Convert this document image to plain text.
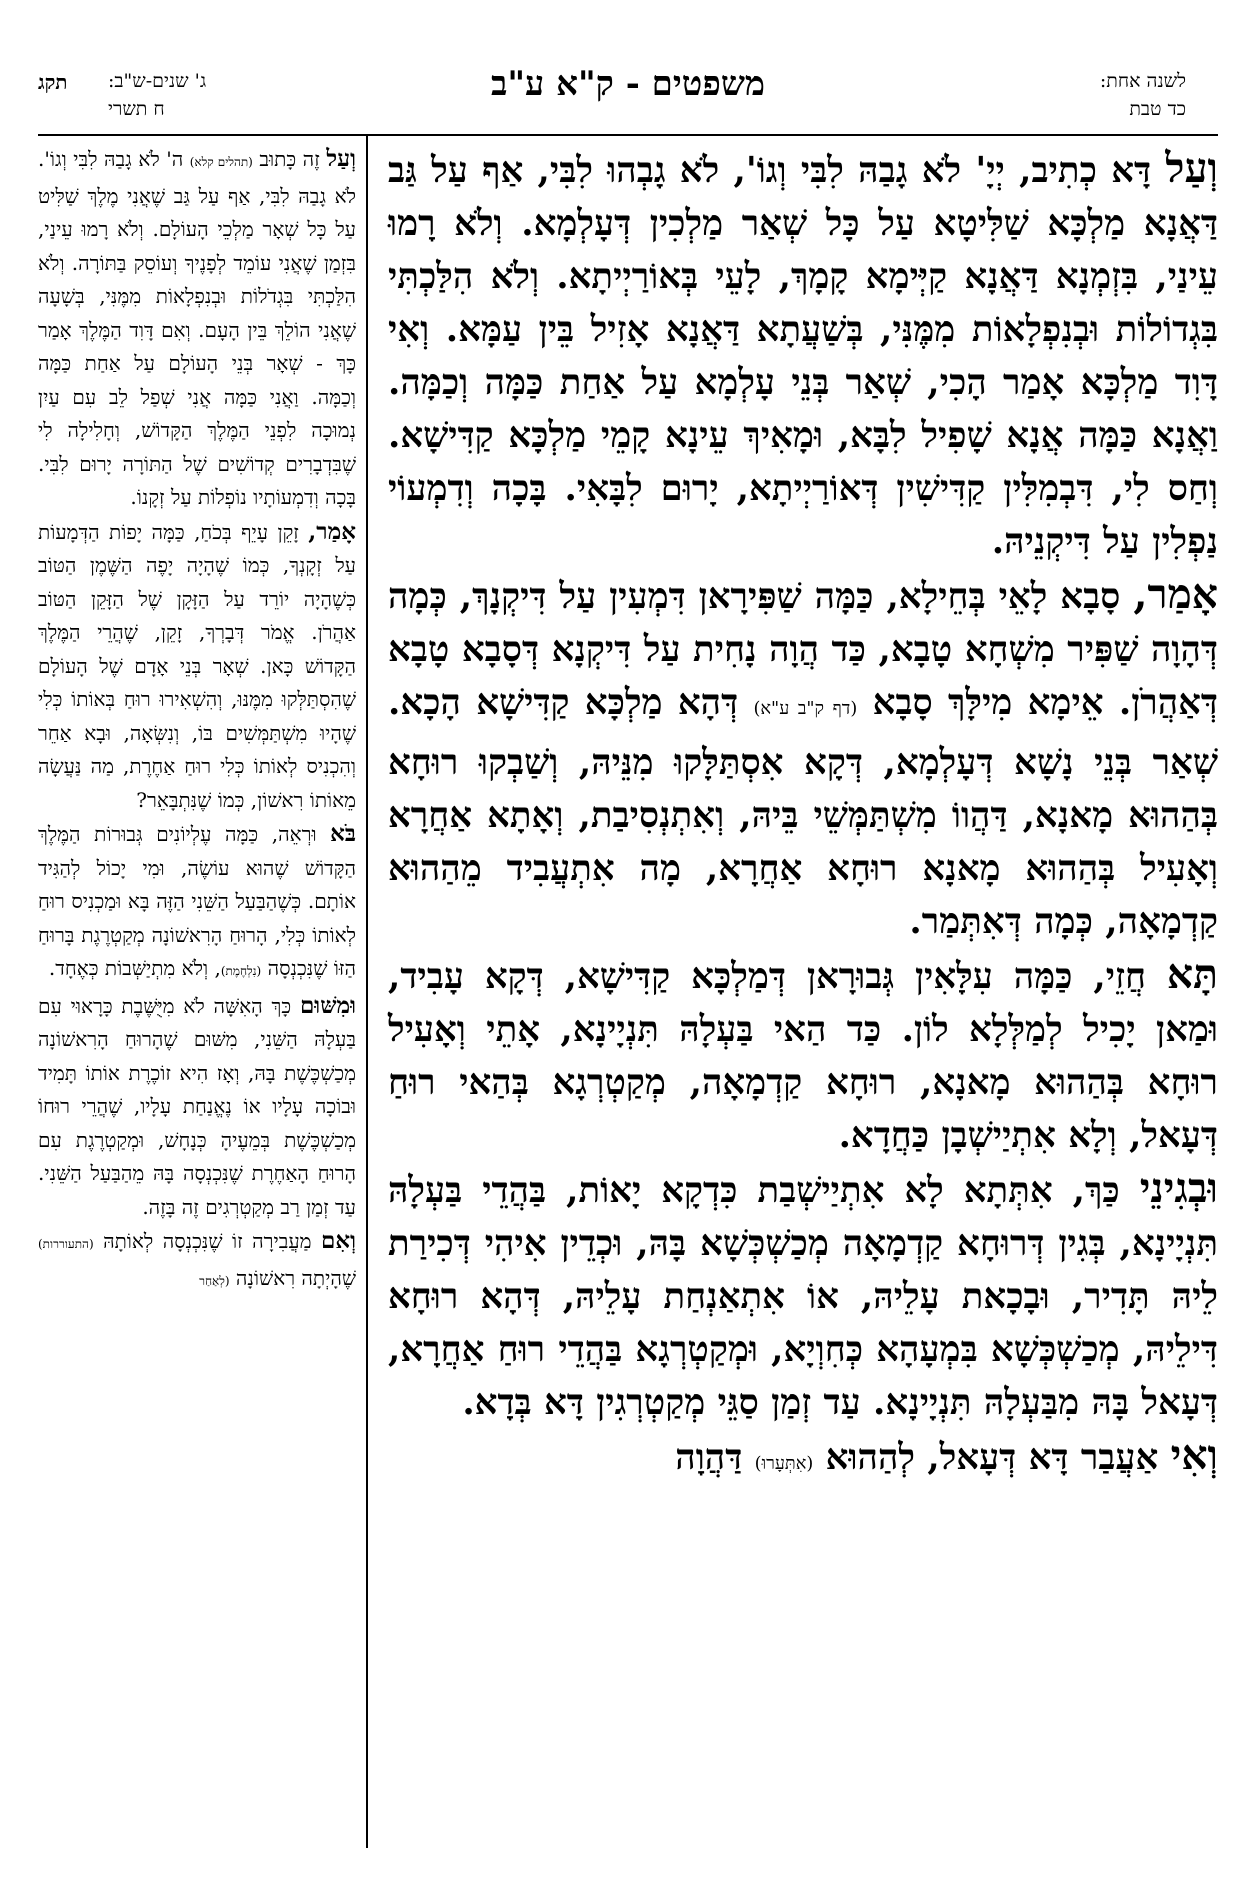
לשנה אחת:
כד טבת
משפטים - ק"א ע"ב
ג' שנים-ש"ב:
ח תשרי
תקג

וְעַל דָּא כְתִיב, יְיָ' לֹא גָבַהּ לִבִּי וְגוֹ', לֹא גָבְהוּ לִבִּי, אַף עַל גַּב דַּאֲנָא מַלְכָּא שַׁלִּיטָא עַל כָּל שְׁאַר מַלְכִין דְּעָלְמָא. וְלֹא רָמוּ עֵינַי, בִּזְמְנָא דַּאֲנָא קַיְּימָא קָמָךְ, לָעֵי בְּאוֹרַיְיתָא. וְלֹא הִלַּכְתִּי בִּגְדוֹלוֹת וּבְנִפְלָאוֹת מִמֶּנִּי, בְּשַׁעֲתָא דַּאֲנָא אָזִיל בֵּין עַמָּא. וְאִי דָּוִד מַלְכָּא אָמַר הָכִי, שְׁאַר בְּנֵי עָלְמָא עַל אַחַת כַּמָּה וְכַמָּה. וַאֲנָא כַּמָּה אֲנָא שָׁפִיל לִבָּא, וּמָאִיךְ עֵינָא קָמֵי מַלְכָּא קַדִּישָׁא. וְחַס לִי, דִּבְמִלִּין קַדִּישִׁין דְּאוֹרַיְיתָא, יָרוּם לִבָּאִי. בָּכָה וְדִמְעוֹי נַפְלִין עַל דִּיקְנֵיהּ.

אָמַר, סָבָא לָאֵי בְּחֵילָא, כַּמָּה שַׁפִּירָאן דִּמְעִין עַל דִּיקְנָךְ, כְּמָה דְּהָוָה שַׁפִּיר מִשְׁחָא טָבָא, כַּד הֲוָה נָחִית עַל דִּיקְנָא דְּסָבָא טָבָא דְּאַהֲרֹן. אֵימָא מִילָּךְ סָבָא (דף ק"ב ע"א) דְּהָא מַלְכָּא קַדִּישָׁא הָכָא. שְׁאַר בְּנֵי נָשָׁא דְּעָלְמָא, דְּקָא אִסְתַּלָּקוּ מִנֵּיהּ, וְשַׁבְקוּ רוּחָא בְּהַהוּא מָאנָא, דַּהֲווֹ מִשְׁתַּמְּשֵׁי בֵּיהּ, וְאִתְנְסִיבַת, וְאָתָא אַחֲרָא וְאָעִיל בְּהַהוּא מָאנָא רוּחָא אַחֲרָא, מָה אִתְעֲבִיד מֵהַהוּא קַדְמָאָה, כְּמָה דְּאִתְּמַר.

תָּא חֲזֵי, כַּמָּה עִלָּאִין גְּבוּרָאן דְּמַלְכָּא קַדִּישָׁא, דְּקָא עָבִיד, וּמַאן יָכִיל לְמַלְּלָא לוֹן. כַּד הַאי בַּעְלָהּ תִּנְיָינָא, אָתֵי וְאָעִיל רוּחָא בְּהַהוּא מָאנָא, רוּחָא קַדְמָאָה, מְקַטְרְגָא בְּהַאי רוּחַ דְּעָאל, וְלָא אִתְיַישְׁבָן כַּחֲדָא.

וּבְגִינֵי כַּךְ, אִתְּתָא לָא אִתְיַישְׁבַת כִּדְקָא יָאוֹת, בַּהֲדֵי בַּעְלָהּ תִּנְיָינָא, בְּגִין דְּרוּחָא קַדְמָאָה מְכַשְׁכְּשָׁא בָּהּ, וּכְדֵין אִיהִי דְּכִירַת לֵיהּ תָּדִיר, וּבָכָאת עָלֵיהּ, אוֹ אִתְאַנְחַת עָלֵיהּ, דְּהָא רוּחָא דִּילֵיהּ, מְכַשְׁכְּשָׁא בִּמְעָהָא כְּחִוְיָא, וּמְקַטְרְגָא בַּהֲדֵי רוּחַ אַחֲרָא, דְּעָאל בָּהּ מִבַּעְלָהּ תִּנְיָינָא. עַד זְמַן סַגֵּי מְקַטְרְגִין דָּא בְּדָא.

וְאִי אַעֲבַר דָּא דְּעָאל, לְהַהוּא (אִתְּעָרוּ) דַּהֲוָה

וְעַל זֶה כָּתוּב (תהלים קלא) ה' לֹא גָבַהּ לִבִּי וְגוֹ'. לֹא גָבַהּ לִבִּי, אַף עַל גַּב שֶׁאֲנִי מֶלֶךְ שַׁלִּיט עַל כָּל שְׁאָר מַלְכֵי הָעוֹלָם. וְלֹא רָמוּ עֵינַי, בִּזְמַן שֶׁאֲנִי עוֹמֵד לְפָנֶיךָ וְעוֹסֵק בַּתּוֹרָה. וְלֹא הִלַּכְתִּי בִּגְדֹלוֹת וּבְנִפְלָאוֹת מִמֶּנִּי, בְּשָׁעָה שֶׁאֲנִי הוֹלֵךְ בֵּין הָעָם. וְאִם דָּוִד הַמֶּלֶךְ אָמַר כָּךְ - שְׁאָר בְּנֵי הָעוֹלָם עַל אַחַת כַּמָּה וְכַמָּה. וַאֲנִי כַּמָּה אֲנִי שְׁפַל לֵב עִם עַיִן נְמוּכָה לִפְנֵי הַמֶּלֶךְ הַקָּדוֹשׁ, וְחָלִילָה לִי שֶׁבִּדְבָרִים קְדוֹשִׁים שֶׁל הַתּוֹרָה יָרוּם לִבִּי. בָּכָה וְדִמְעוֹתָיו נוֹפְלוֹת עַל זְקָנוֹ.

אָמַר, זָקֵן עָיֵף בְּכֹחַ, כַּמָּה יָפוֹת הַדְּמָעוֹת עַל זְקָנְךָ, כְּמוֹ שֶׁהָיָה יָפֶה הַשֶּׁמֶן הַטּוֹב כְּשֶׁהָיָה יוֹרֵד עַל הַזָּקָן שֶׁל הַזָּקֵן הַטּוֹב אַהֲרֹן. אֱמֹר דְּבָרְךָ, זָקֵן, שֶׁהֲרֵי הַמֶּלֶךְ הַקָּדוֹשׁ כָּאן. שְׁאָר בְּנֵי אָדָם שֶׁל הָעוֹלָם שֶׁהִסְתַּלְּקוּ מִמֶּנּוּ, וְהִשְׁאִירוּ רוּחַ בְּאוֹתוֹ כְּלִי שֶׁהָיוּ מִשְׁתַּמְּשִׁים בּוֹ, וְנִשְּׂאָה, וּבָא אַחֵר וְהִכְנִיס לְאוֹתוֹ כְּלִי רוּחַ אַחֶרֶת, מַה נַּעֲשָׂה מֵאוֹתוֹ רִאשׁוֹן, כְּמוֹ שֶׁנִּתְבָּאֵר?

בֹּא וּרְאֵה, כַּמָּה עֶלְיוֹנִים גְּבוּרוֹת הַמֶּלֶךְ הַקָּדוֹשׁ שֶׁהוּא עוֹשֶׂה, וּמִי יָכוֹל לְהַגִּיד אוֹתָם. כְּשֶׁהַבַּעַל הַשֵּׁנִי הַזֶּה בָּא וּמַכְנִיס רוּחַ לְאוֹתוֹ כְּלִי, הָרוּחַ הָרִאשׁוֹנָה מְקַטְרֶגֶת בָּרוּחַ הַזּוֹ שֶׁנִּכְנְסָה (נִלְחֶמֶת), וְלֹא מִתְיַשְּׁבוֹת כְּאֶחָד.

וּמִשּׁוּם כָּךְ הָאִשָּׁה לֹא מִיֻּשֶּׁבֶת כָּרָאוּי עִם בַּעְלָהּ הַשֵּׁנִי, מִשּׁוּם שֶׁהָרוּחַ הָרִאשׁוֹנָה מְכַשְׁכֶּשֶׁת בָּהּ, וְאָז הִיא זוֹכֶרֶת אוֹתוֹ תָּמִיד וּבוֹכָה עָלָיו אוֹ נֶאֱנַחַת עָלָיו, שֶׁהֲרֵי רוּחוֹ מְכַשְׁכֶּשֶׁת בְּמֵעֶיהָ כְּנָחָשׁ, וּמְקַטְרֶגֶת עִם הָרוּחַ הָאַחֶרֶת שֶׁנִּכְנְסָה בָּהּ מֵהַבַּעַל הַשֵּׁנִי. עַד זְמַן רַב מְקַטְרְגִים זֶה בָּזֶה.

וְאִם מַעֲבִירָה זוֹ שֶׁנִּכְנְסָה לְאוֹתָהּ (התעוררות) שֶׁהָיְתָה רִאשׁוֹנָה (לְאַחַר
